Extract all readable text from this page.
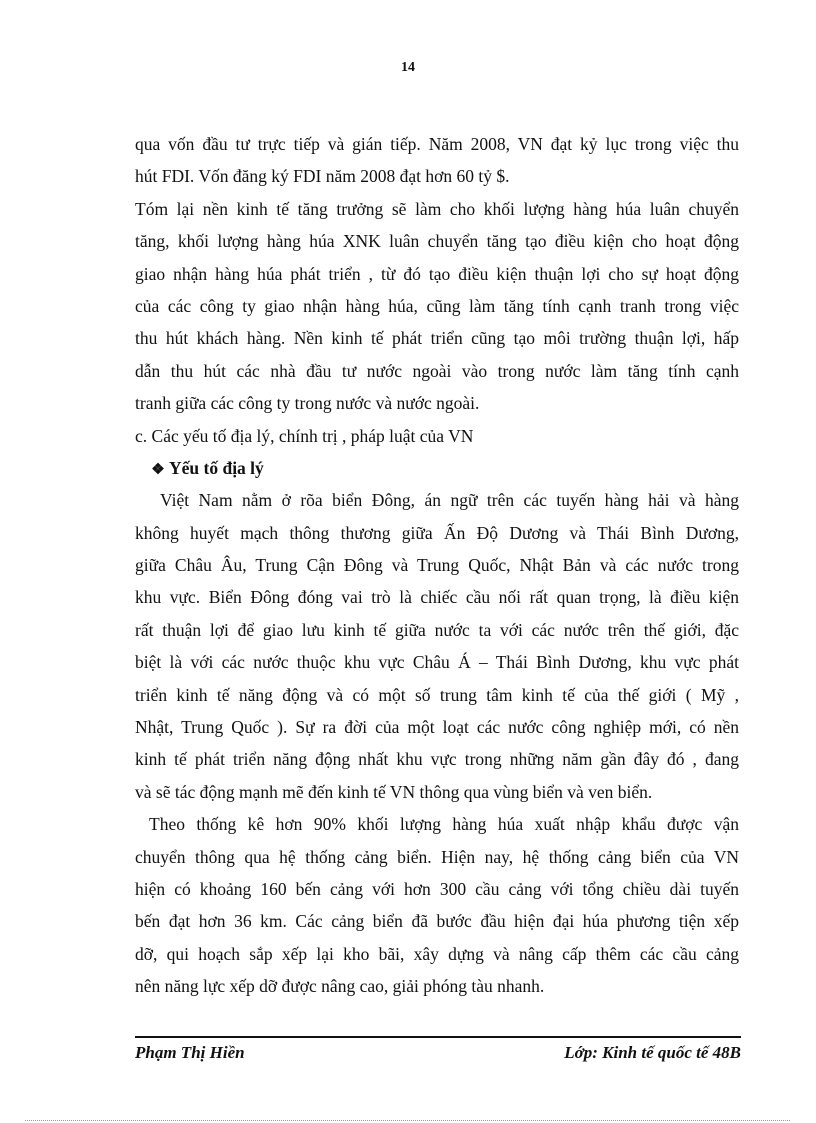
14
qua vốn đầu tư trực tiếp và gián tiếp. Năm 2008, VN đạt kỷ lục trong việc thu
hút FDI. Vốn đăng ký FDI năm 2008 đạt hơn 60 tỷ $.
Tóm lại nền kinh tế tăng trưởng sẽ làm cho khối lượng hàng húa luân chuyển
tăng, khối lượng hàng húa XNK luân chuyển tăng tạo điều kiện cho hoạt động
giao nhận hàng húa phát triển , từ đó tạo điều kiện thuận lợi cho sự hoạt động
của các công ty giao nhận hàng húa, cũng làm tăng tính cạnh tranh trong việc
thu hút khách hàng. Nền kinh tế phát triển cũng tạo môi trường thuận lợi, hấp
dẫn thu hút các nhà đầu tư nước ngoài vào trong nước làm tăng tính cạnh
tranh giữa các công ty trong nước và nước ngoài.
c. Các yếu tố địa lý, chính trị , pháp luật của VN
❖ Yếu tố địa lý
Việt Nam nằm ở rõa biển Đông, án ngữ trên các tuyến hàng hải và hàng
không huyết mạch thông thương giữa Ấn Độ Dương và Thái Bình Dương,
giữa Châu Âu, Trung Cận Đông và Trung Quốc, Nhật Bản và các nước trong
khu vực. Biển Đông đóng vai trò là chiếc cầu nối rất quan trọng, là điều kiện
rất thuận lợi để giao lưu kinh tế giữa nước ta với các nước trên thế giới, đặc
biệt là với các nước thuộc khu vực Châu Á – Thái Bình Dương, khu vực phát
triển kinh tế năng động và có một số trung tâm kinh tế của thế giới ( Mỹ ,
Nhật, Trung Quốc ). Sự ra đời của một loạt các nước công nghiệp mới, có nền
kinh tế phát triển năng động nhất khu vực trong những năm gần đây đó , đang
và sẽ tác động mạnh mẽ đến kinh tế VN thông qua vùng biển và ven biển.
Theo thống kê hơn 90% khối lượng hàng húa xuất nhập khẩu được vận
chuyển thông qua hệ thống cảng biển. Hiện nay, hệ thống cảng biển của VN
hiện có khoảng 160 bến cảng với hơn 300 cầu cảng với tổng chiều dài tuyến
bến đạt hơn 36 km. Các cảng biển đã bước đầu hiện đại húa phương tiện xếp
dỡ, qui hoạch sắp xếp lại kho bãi, xây dựng và nâng cấp thêm các cầu cảng
nên năng lực xếp dỡ được nâng cao, giải phóng tàu nhanh.
Phạm Thị Hiền	Lớp: Kinh tế quốc tế 48B
